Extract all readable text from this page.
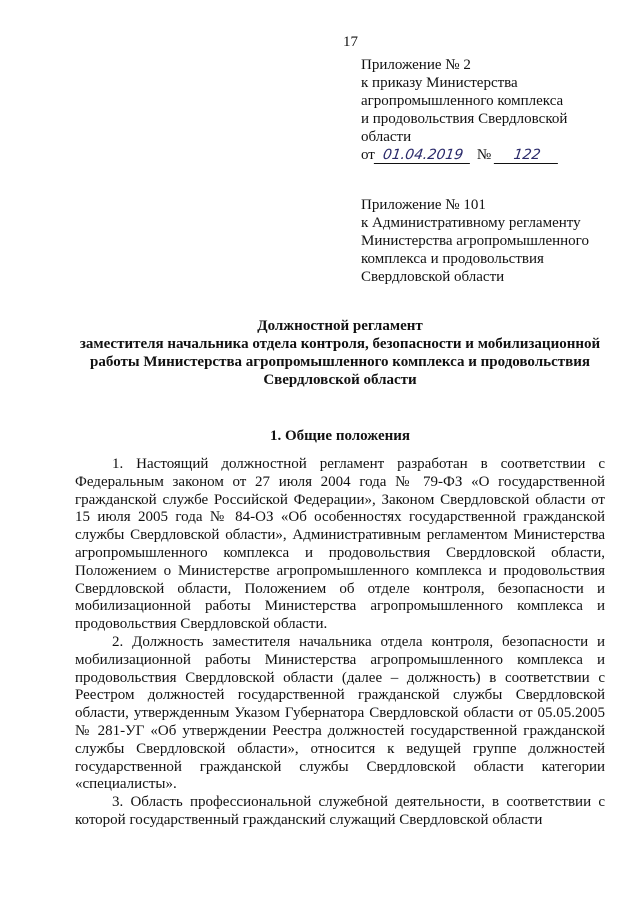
17
Приложение № 2
к приказу Министерства
агропромышленного комплекса
и продовольствия Свердловской
области
от 01.04.2019 №	122
Приложение № 101
к Административному регламенту
Министерства агропромышленного
комплекса и продовольствия
Свердловской области
Должностной регламент
заместителя начальника отдела контроля, безопасности и мобилизационной
работы Министерства агропромышленного комплекса и продовольствия
Свердловской области
1. Общие положения

1. Настоящий должностной регламент разработан в соответствии с Федеральным законом от 27 июля 2004 года № 79-ФЗ «О государственной гражданской службе Российской Федерации», Законом Свердловской области от 15 июля 2005 года № 84-ОЗ «Об особенностях государственной гражданской службы Свердловской области», Административным регламентом Министерства агропромышленного комплекса и продовольствия Свердловской области, Положением о Министерстве агропромышленного комплекса и продовольствия Свердловской области, Положением об отделе контроля, безопасности и мобилизационной работы Министерства агропромышленного комплекса и продовольствия Свердловской области.

2. Должность заместителя начальника отдела контроля, безопасности и мобилизационной работы Министерства агропромышленного комплекса и продовольствия Свердловской области (далее – должность) в соответствии с Реестром должностей государственной гражданской службы Свердловской области, утвержденным Указом Губернатора Свердловской области от 05.05.2005 № 281-УГ «Об утверждении Реестра должностей государственной гражданской службы Свердловской области», относится к ведущей группе должностей государственной гражданской службы Свердловской области категории «специалисты».

3. Область профессиональной служебной деятельности, в соответствии с которой государственный гражданский служащий Свердловской области
